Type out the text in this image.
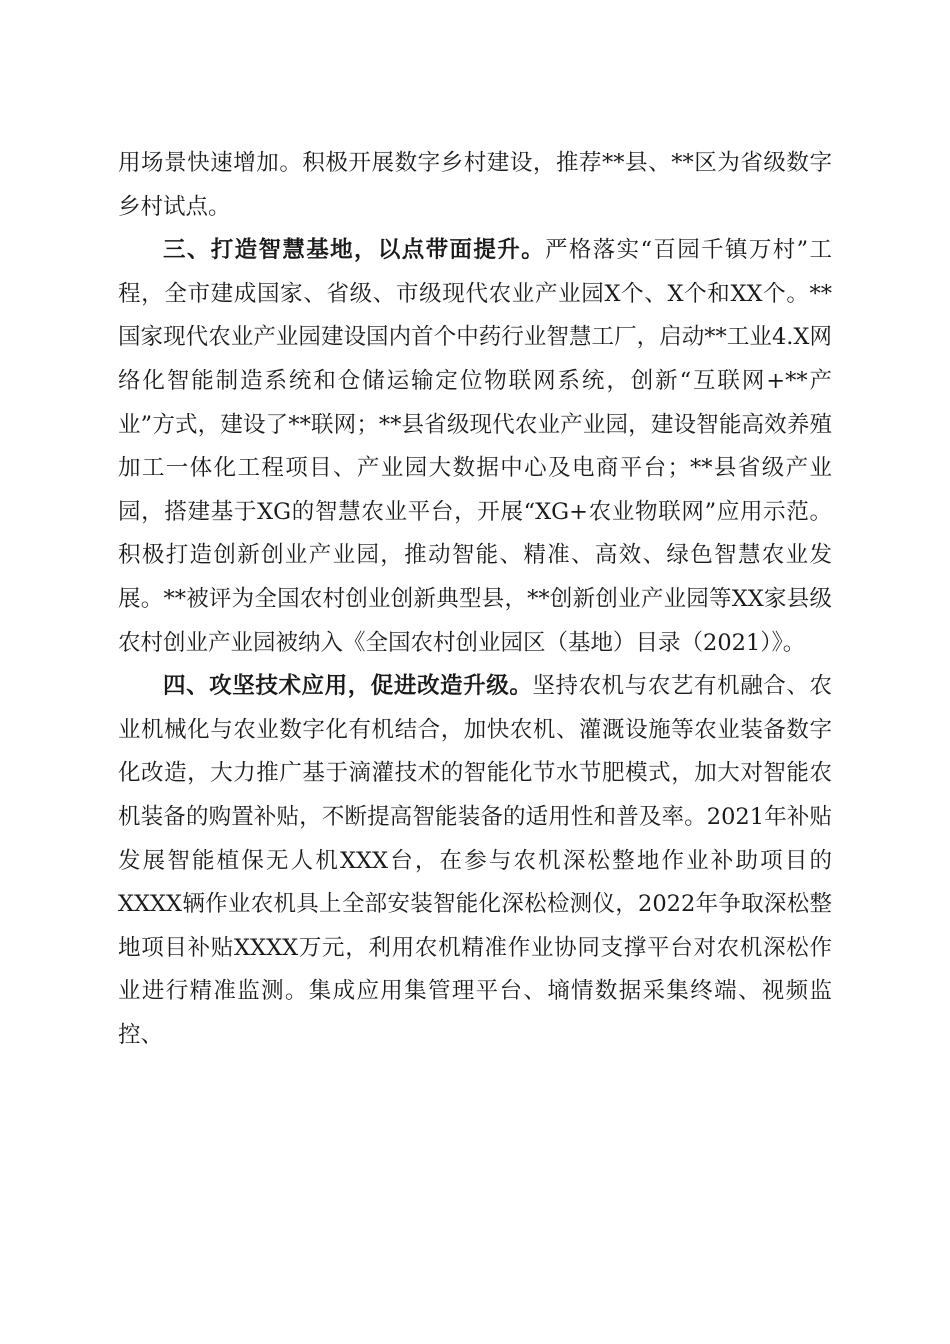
用场景快速增加。积极开展数字乡村建设，推荐**县、**区为省级数字乡村试点。

三、打造智慧基地，以点带面提升。严格落实“百园千镇万村”工程，全市建成国家、省级、市级现代农业产业园X个、X个和XX个。**国家现代农业产业园建设国内首个中药行业智慧工厂，启动**工业4.X网络化智能制造系统和仓储运输定位物联网系统，创新“互联网+**产业”方式，建设了**联网；**县省级现代农业产业园，建设智能高效养殖加工一体化工程项目、产业园大数据中心及电商平台；**县省级产业园，搭建基于XG的智慧农业平台，开展“XG+农业物联网”应用示范。积极打造创新创业产业园，推动智能、精准、高效、绿色智慧农业发展。**被评为全国农村创业创新典型县，**创新创业产业园等XX家县级农村创业产业园被纳入《全国农村创业园区（基地）目录（2021）》。

四、攻坚技术应用，促进改造升级。坚持农机与农艺有机融合、农业机械化与农业数字化有机结合，加快农机、灌溉设施等农业装备数字化改造，大力推广基于滴灌技术的智能化节水节肥模式，加大对智能农机装备的购置补贴，不断提高智能装备的适用性和普及率。2021年补贴发展智能植保无人机XXX台，在参与农机深松整地作业补助项目的XXXX辆作业农机具上全部安装智能化深松检测仪，2022年争取深松整地项目补贴XXXX万元，利用农机精准作业协同支撑平台对农机深松作业进行精准监测。集成应用集管理平台、墒情数据采集终端、视频监控、
